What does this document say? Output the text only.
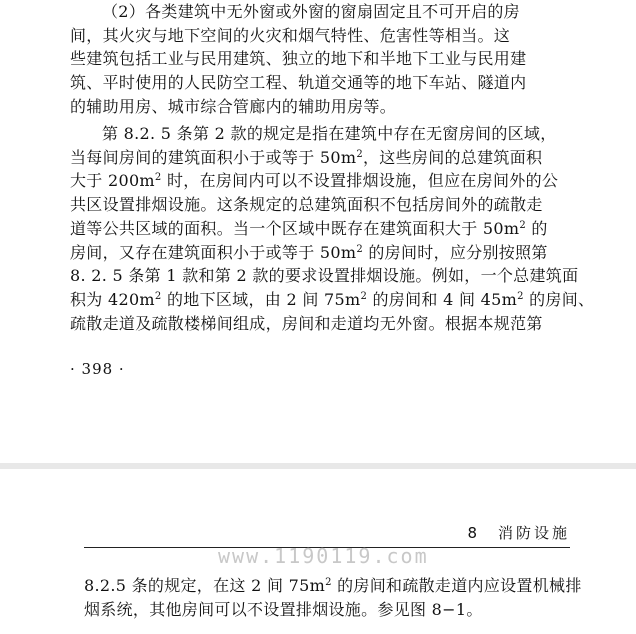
（2）各类建筑中无外窗或外窗的窗扇固定且不可开启的房
间，其火灾与地下空间的火灾和烟气特性、危害性等相当。这
些建筑包括工业与民用建筑、独立的地下和半地下工业与民用建
筑、平时使用的人民防空工程、轨道交通等的地下车站、隧道内
的辅助用房、城市综合管廊内的辅助用房等。
第 8.2. 5 条第 2 款的规定是指在建筑中存在无窗房间的区域，
当每间房间的建筑面积小于或等于 $50m^2$，这些房间的总建筑面积
大于 $200m^2$ 时，在房间内可以不设置排烟设施，但应在房间外的公
共区设置排烟设施。这条规定的总建筑面积不包括房间外的疏散走
道等公共区域的面积。当一个区域中既存在建筑面积大于 $50m^2$ 的
房间，又存在建筑面积小于或等于 $50m^2$ 的房间时，应分别按照第
8. 2. 5 条第 1 款和第 2 款的要求设置排烟设施。例如，一个总建筑面
积为 $420m^2$ 的地下区域，由 2 间 $75m^2$ 的房间和 4 间 $45m^2$ 的房间、
疏散走道及疏散楼梯间组成，房间和走道均无外窗。根据本规范第
· 398 ·
8　消防设施
www.1190119.com
8.2.5 条的规定，在这 2 间 $75m^2$ 的房间和疏散走道内应设置机械排
烟系统，其他房间可以不设置排烟设施。参见图 8−1。
